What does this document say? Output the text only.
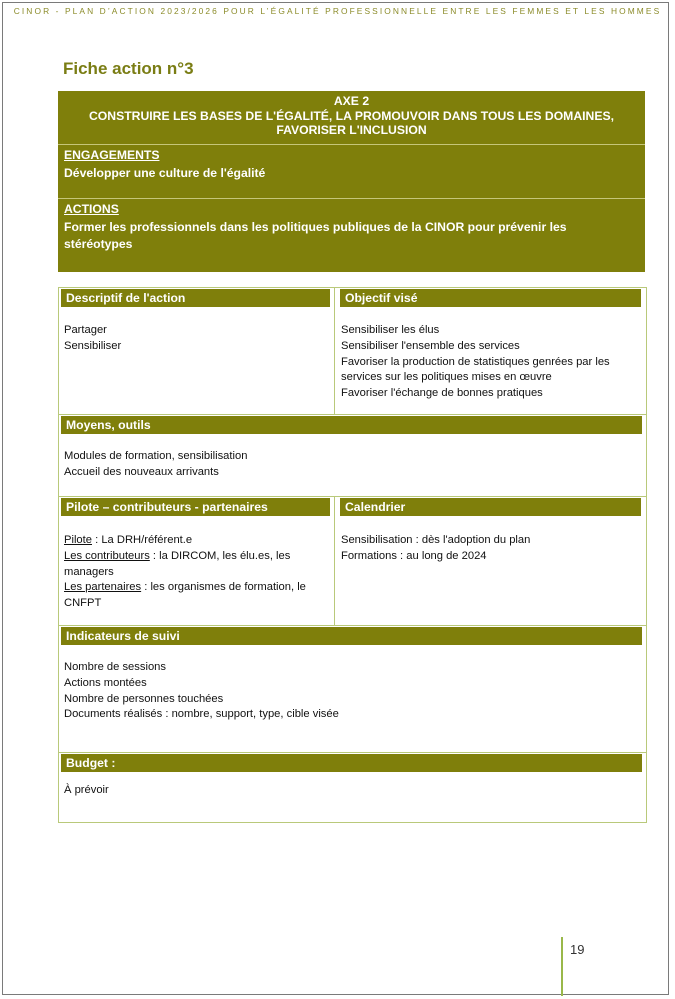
CINOR - PLAN D’ACTION 2023/2026 POUR L’ÉGALITÉ PROFESSIONNELLE ENTRE LES FEMMES ET LES HOMMES
Fiche action n°3
AXE 2
CONSTRUIRE LES BASES DE L'ÉGALITÉ, LA PROMOUVOIR DANS TOUS LES DOMAINES,
FAVORISER L'INCLUSION
ENGAGEMENTS
Développer une culture de l'égalité
ACTIONS
Former les professionnels dans les politiques publiques de la CINOR pour prévenir les
stéréotypes
Descriptif de l'action
Partager
Sensibiliser
Objectif visé
Sensibiliser les élus
Sensibiliser l'ensemble des services
Favoriser la production de statistiques genrées par les
services sur les politiques mises en œuvre
Favoriser l'échange de bonnes pratiques
Moyens, outils
Modules de formation, sensibilisation
Accueil des nouveaux arrivants
Pilote – contributeurs - partenaires
Pilote : La DRH/référent.e
Les contributeurs : la DIRCOM, les élu.es, les
managers
Les partenaires : les organismes de formation, le
CNFPT
Calendrier
Sensibilisation : dès l'adoption du plan
Formations : au long de 2024
Indicateurs de suivi
Nombre de sessions
Actions montées
Nombre de personnes touchées
Documents réalisés : nombre, support, type, cible visée
Budget :
À prévoir
19
